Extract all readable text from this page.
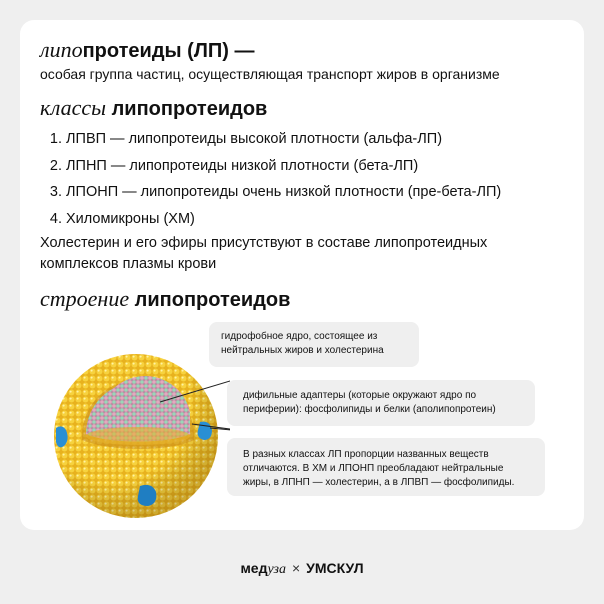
липопротеиды (ЛП) —
особая группа частиц, осуществляющая транспорт жиров в организме
классы липопротеидов
1. ЛПВП — липопротеиды высокой плотности (альфа-ЛП)
2. ЛПНП — липопротеиды низкой плотности (бета-ЛП)
3. ЛПОНП — липопротеиды очень низкой плотности (пре-бета-ЛП)
4. Хиломикроны (ХМ)
Холестерин и его эфиры присутствуют в составе липопротеидных комплексов плазмы крови
строение липопротеидов
гидрофобное ядро, состоящее из нейтральных жиров и холестерина
дифильные адаптеры (которые окружают ядро по периферии): фосфолипиды и белки (аполипопротеин)
В разных классах ЛП пропорции названных веществ отличаются. В ХМ и ЛПОНП преобладают нейтральные жиры, в ЛПНП — холестерин, а в ЛПВП — фосфолипиды.
медуза × УМСКУЛ
